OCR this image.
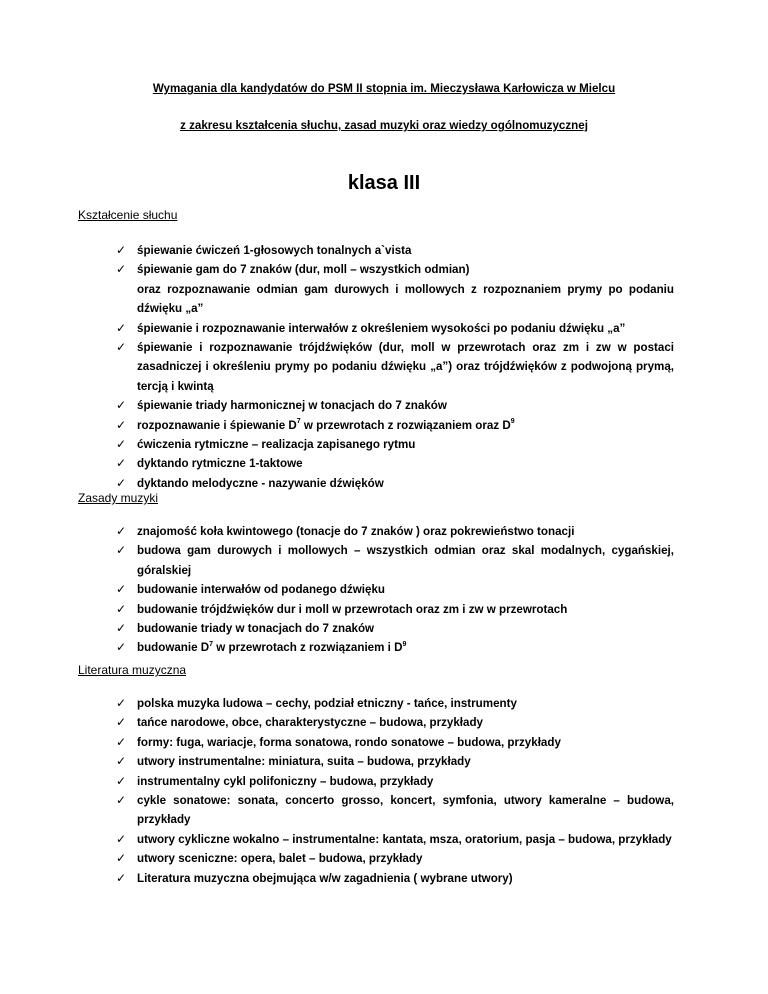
Wymagania dla kandydatów do PSM II stopnia im. Mieczysława Karłowicza w Mielcu
z zakresu kształcenia słuchu, zasad muzyki oraz wiedzy ogólnomuzycznej
klasa III
Kształcenie słuchu
✓ śpiewanie ćwiczeń 1-głosowych tonalnych a`vista
✓ śpiewanie gam do 7 znaków (dur, moll – wszystkich odmian)
oraz rozpoznawanie odmian gam durowych i mollowych z rozpoznaniem prymy po podaniu dźwięku „a”
✓ śpiewanie i rozpoznawanie interwałów z określeniem wysokości po podaniu dźwięku „a”
✓ śpiewanie i rozpoznawanie trójdźwięków (dur, moll w przewrotach oraz zm i zw w postaci zasadniczej i określeniu prymy po podaniu dźwięku „a”) oraz trójdźwięków z podwojoną prymą, tercją i kwintą
✓ śpiewanie triady harmonicznej w tonacjach do 7 znaków
✓ rozpoznawanie i śpiewanie $D^7$ w przewrotach z rozwiązaniem oraz $D^9$
✓ ćwiczenia rytmiczne – realizacja zapisanego rytmu
✓ dyktando rytmiczne 1-taktowe
✓ dyktando melodyczne - nazywanie dźwięków
Zasady muzyki
✓ znajomość koła kwintowego (tonacje do 7 znaków ) oraz pokrewieństwo tonacji
✓ budowa gam durowych i mollowych – wszystkich odmian oraz skal modalnych, cygańskiej, góralskiej
✓ budowanie interwałów od podanego dźwięku
✓ budowanie trójdźwięków dur i moll w przewrotach oraz zm i zw w przewrotach
✓ budowanie triady w tonacjach do 7 znaków
✓ budowanie $D^7$ w przewrotach z rozwiązaniem i $D^9$
Literatura muzyczna
✓ polska muzyka ludowa – cechy, podział etniczny - tańce, instrumenty
✓ tańce narodowe, obce, charakterystyczne – budowa, przykłady
✓ formy: fuga, wariacje, forma sonatowa, rondo sonatowe – budowa, przykłady
✓ utwory instrumentalne: miniatura, suita – budowa, przykłady
✓ instrumentalny cykl polifoniczny – budowa, przykłady
✓ cykle sonatowe: sonata, concerto grosso, koncert, symfonia, utwory kameralne – budowa, przykłady
✓ utwory cykliczne wokalno – instrumentalne: kantata, msza, oratorium, pasja – budowa, przykłady
✓ utwory sceniczne: opera, balet – budowa, przykłady
✓ Literatura muzyczna obejmująca w/w zagadnienia ( wybrane utwory)
